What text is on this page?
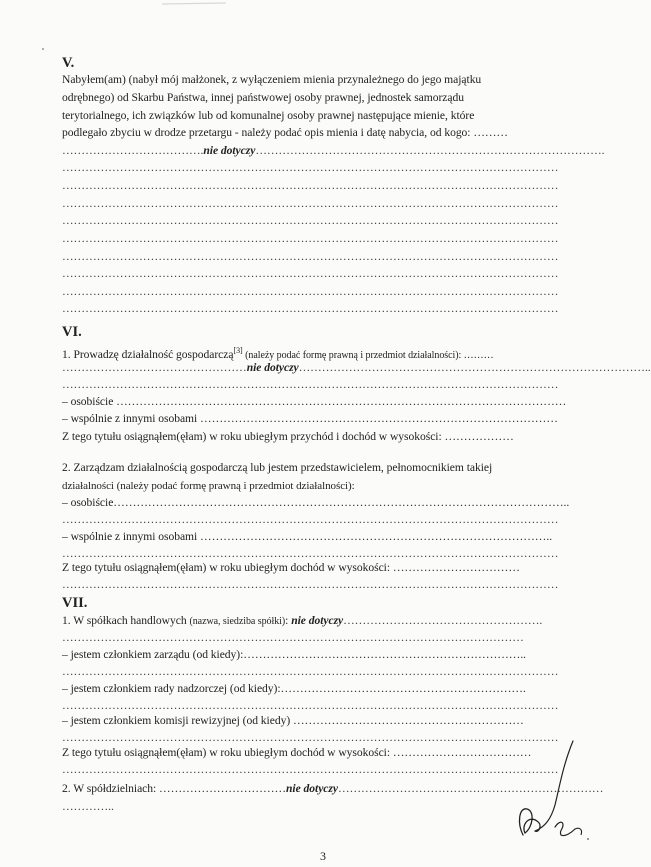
V.
Nabyłem(am) (nabył mój małżonek, z wyłączeniem mienia przynależnego do jego majątku
odrębnego) od Skarbu Państwa, innej państwowej osoby prawnej, jednostek samorządu
terytorialnego, ich związków lub od komunalnej osoby prawnej następujące mienie, które
podlegało zbyciu w drodze przetargu - należy podać opis mienia i datę nabycia, od kogo: ………
……………………………….nie dotyczy……………………………………………………………………………….
…………………………………………………………………………………………………………………
…………………………………………………………………………………………………………………
…………………………………………………………………………………………………………………
…………………………………………………………………………………………………………………
…………………………………………………………………………………………………………………
…………………………………………………………………………………………………………………
…………………………………………………………………………………………………………………
…………………………………………………………………………………………………………………
…………………………………………………………………………………………………………………
VI.
1. Prowadzę działalność gospodarczą[3] (należy podać formę prawną i przedmiot działalności): ………
…………………………………………nie dotyczy………………………………………………………………………………..
…………………………………………………………………………………………………………………
– osobiście ………………………………………………………………………………………………………
– wspólnie z innymi osobami …………………………………………………………………………………
Z tego tytułu osiągnąłem(ęłam) w roku ubiegłym przychód i dochód w wysokości: ………………
2. Zarządzam działalnością gospodarczą lub jestem przedstawicielem, pełnomocnikiem takiej
działalności (należy podać formę prawną i przedmiot działalności):
– osobiście………………………………………………………………………………………………………..
…………………………………………………………………………………………………………………
– wspólnie z innymi osobami ………………………………………………………………………………..
…………………………………………………………………………………………………………………
Z tego tytułu osiągnąłem(ęłam) w roku ubiegłym dochód w wysokości: ……………………………
…………………………………………………………………………………………………………………
VII.
1. W spółkach handlowych (nazwa, siedziba spółki): nie dotyczy…………………………………………….
…………………………………………………………………………………………………………
– jestem członkiem zarządu (od kiedy):………………………………………………………………..
…………………………………………………………………………………………………………………
– jestem członkiem rady nadzorczej (od kiedy):……………………………………………………….
…………………………………………………………………………………………………………………
– jestem członkiem komisji rewizyjnej (od kiedy) ……………………………………………………
…………………………………………………………………………………………………………………
Z tego tytułu osiągnąłem(ęłam) w roku ubiegłym dochód w wysokości: ………………………………
…………………………………………………………………………………………………………………
2. W spółdzielniach: ……………………………nie dotyczy……………………………………………………………
…………..
3
